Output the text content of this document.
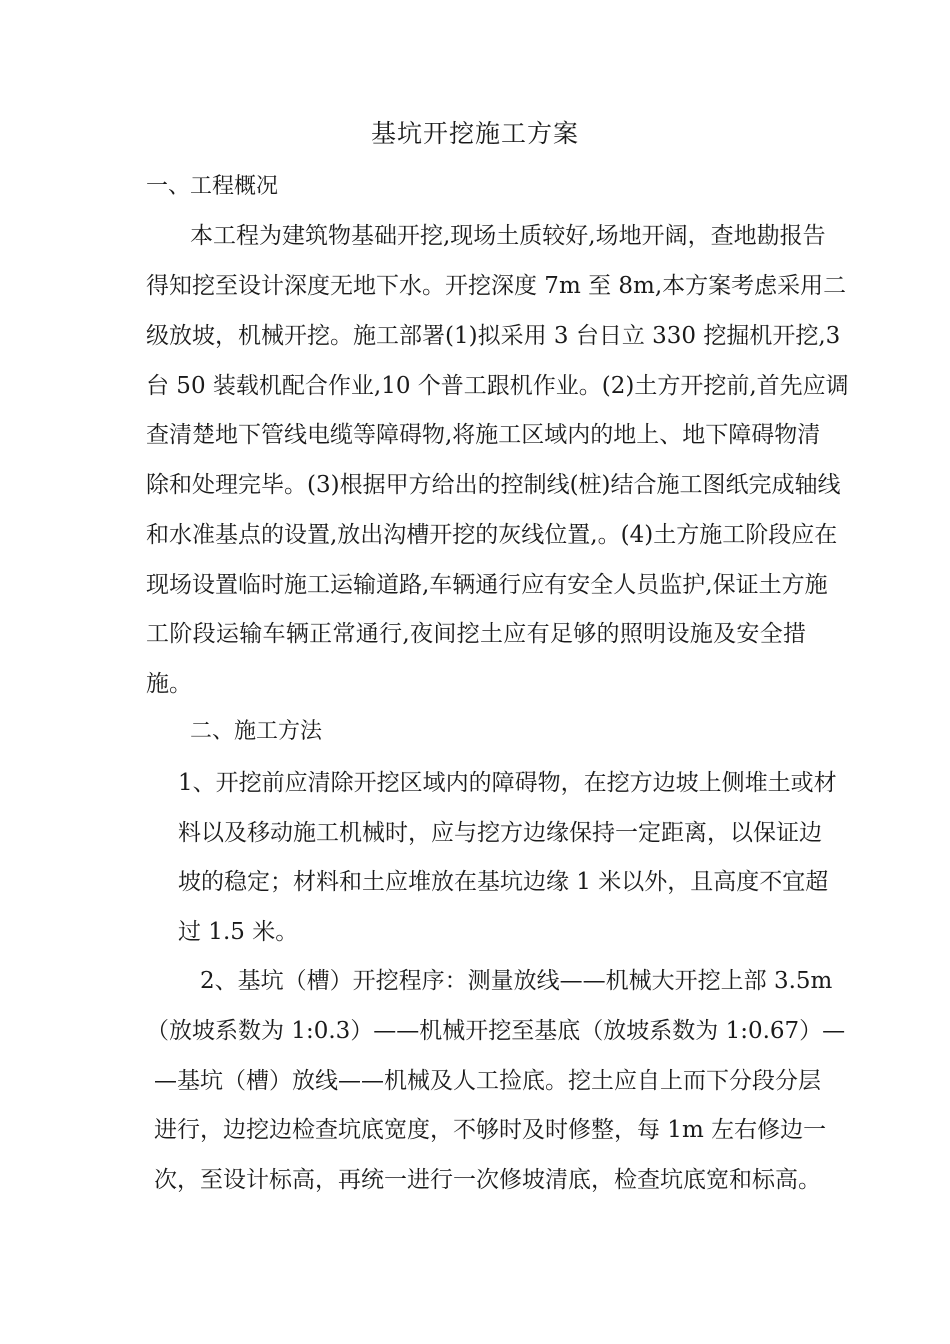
基坑开挖施工方案
一、工程概况
本工程为建筑物基础开挖,现场土质较好,场地开阔，查地勘报告
得知挖至设计深度无地下水。开挖深度 7m 至 8m,本方案考虑采用二
级放坡，机械开挖。施工部署(1)拟采用 3 台日立 330 挖掘机开挖,3
台 50 装载机配合作业,10 个普工跟机作业。(2)土方开挖前,首先应调
查清楚地下管线电缆等障碍物,将施工区域内的地上、地下障碍物清
除和处理完毕。(3)根据甲方给出的控制线(桩)结合施工图纸完成轴线
和水准基点的设置,放出沟槽开挖的灰线位置,。(4)土方施工阶段应在
现场设置临时施工运输道路,车辆通行应有安全人员监护,保证土方施
工阶段运输车辆正常通行,夜间挖土应有足够的照明设施及安全措
施。
二、施工方法
1、开挖前应清除开挖区域内的障碍物，在挖方边坡上侧堆土或材
料以及移动施工机械时，应与挖方边缘保持一定距离，以保证边
坡的稳定；材料和土应堆放在基坑边缘 1 米以外，且高度不宜超
过 1.5 米。
2、基坑（槽）开挖程序：测量放线——机械大开挖上部 3.5m
（放坡系数为 1:0.3）——机械开挖至基底（放坡系数为 1:0.67）—
—基坑（槽）放线——机械及人工捡底。挖土应自上而下分段分层
进行，边挖边检查坑底宽度，不够时及时修整，每 1m 左右修边一
次，至设计标高，再统一进行一次修坡清底，检查坑底宽和标高。
